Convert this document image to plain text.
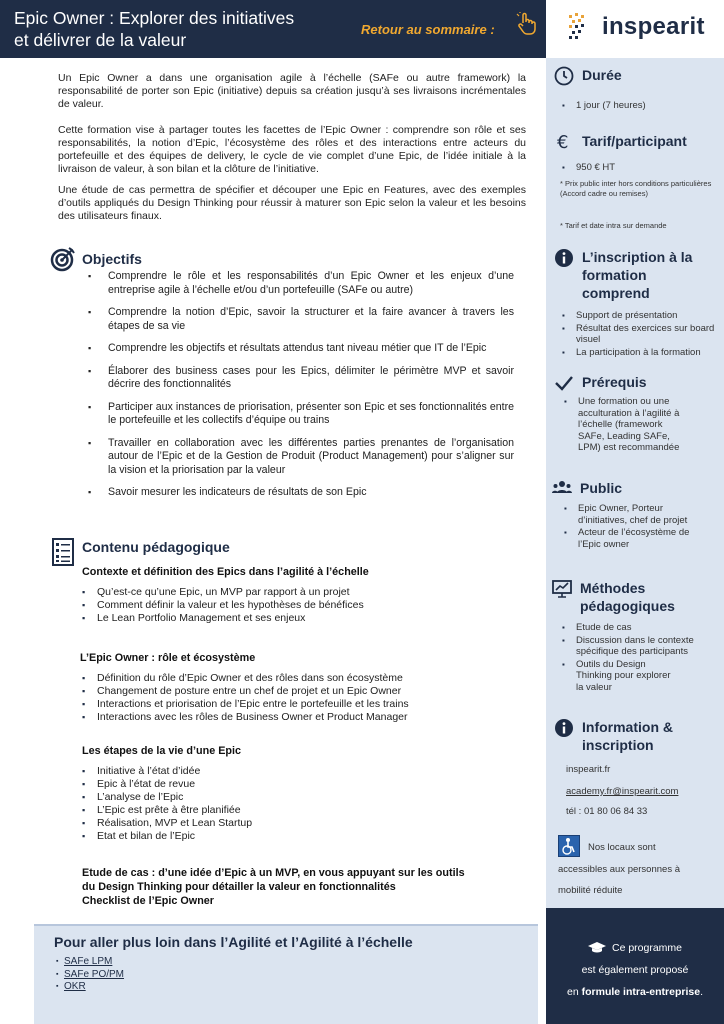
Epic Owner : Explorer des initiatives
et délivrer de la valeur
Retour au sommaire :	inspearit

Un Epic Owner a dans une organisation agile à l’échelle (SAFe ou autre framework) la responsabilité de porter son Epic (initiative) depuis sa création jusqu’à ses livraisons incrémentales de valeur.

Cette formation vise à partager toutes les facettes de l’Epic Owner : comprendre son rôle et ses responsabilités, la notion d’Epic, l’écosystème des rôles et des interactions entre acteurs du portefeuille et des équipes de delivery, le cycle de vie complet d’une Epic, de l’idée initiale à la livraison de valeur, à son bilan et la clôture de l’initiative.

Une étude de cas permettra de spécifier et découper une Epic en Features, avec des exemples d’outils appliqués du Design Thinking pour réussir à maturer son Epic selon la valeur et les besoins des utilisateurs finaux.

Objectifs
▪ Comprendre le rôle et les responsabilités d’un Epic Owner et les enjeux d’une entreprise agile à l’échelle et/ou d’un portefeuille (SAFe ou autre)
▪ Comprendre la notion d’Epic, savoir la structurer et la faire avancer à travers les étapes de sa vie
▪ Comprendre les objectifs et résultats attendus tant niveau métier que IT de l’Epic
▪ Élaborer des business cases pour les Epics, délimiter le périmètre MVP et savoir décrire des fonctionnalités
▪ Participer aux instances de priorisation, présenter son Epic et ses fonctionnalités entre le portefeuille et les collectifs d’équipe ou trains
▪ Travailler en collaboration avec les différentes parties prenantes de l’organisation autour de l’Epic et de la Gestion de Produit (Product Management) pour s’aligner sur la vision et la priorisation par la valeur
▪ Savoir mesurer les indicateurs de résultats de son Epic
Contenu pédagogique
Contexte et définition des Epics dans l’agilité à l’échelle
▪ Qu’est-ce qu’une Epic, un MVP par rapport à un projet
▪ Comment définir la valeur et les hypothèses de bénéfices
▪ Le Lean Portfolio Management et ses enjeux
L’Epic Owner : rôle et écosystème
▪ Définition du rôle d’Epic Owner et des rôles dans son écosystème
▪ Changement de posture entre un chef de projet et un Epic Owner
▪ Interactions et priorisation de l’Epic entre le portefeuille et les trains
▪ Interactions avec les rôles de Business Owner et Product Manager
Les étapes de la vie d’une Epic
▪ Initiative à l’état d’idée
▪ Epic à l’état de revue
▪ L’analyse de l’Epic
▪ L’Epic est prête à être planifiée
▪ Réalisation, MVP et Lean Startup
▪ Etat et bilan de l’Epic
Etude de cas : d’une idée d’Epic à un MVP, en vous appuyant sur les outils
du Design Thinking pour détailler la valeur en fonctionnalités
Checklist de l’Epic Owner
Pour aller plus loin dans l’Agilité et l’Agilité à l’échelle
▪ SAFe LPM
▪ SAFe PO/PM
▪ OKR
Durée
▪ 1 jour (7 heures)
€ Tarif/participant
▪ 950 € HT
* Prix public inter hors conditions particulières (Accord cadre ou remises)
* Tarif et date intra sur demande
L’inscription à la formation comprend
▪ Support de présentation
▪ Résultat des exercices sur board visuel
▪ La participation à la formation
Prérequis
▪ Une formation ou une acculturation à l’agilité à l’échelle (framework SAFe, Leading SAFe, LPM) est recommandée
Public
▪ Epic Owner, Porteur d’initiatives, chef de projet
▪ Acteur de l’écosystème de l’Epic owner
Méthodes pédagogiques
▪ Etude de cas
▪ Discussion dans le contexte spécifique des participants
▪ Outils du Design Thinking pour explorer la valeur
Information & inscription
inspearit.fr
academy.fr@inspearit.com
tél : 01 80 06 84 33
Nos locaux sont
accessibles aux personnes à
mobilité réduite
Ce programme
est également proposé
en formule intra-entreprise.
